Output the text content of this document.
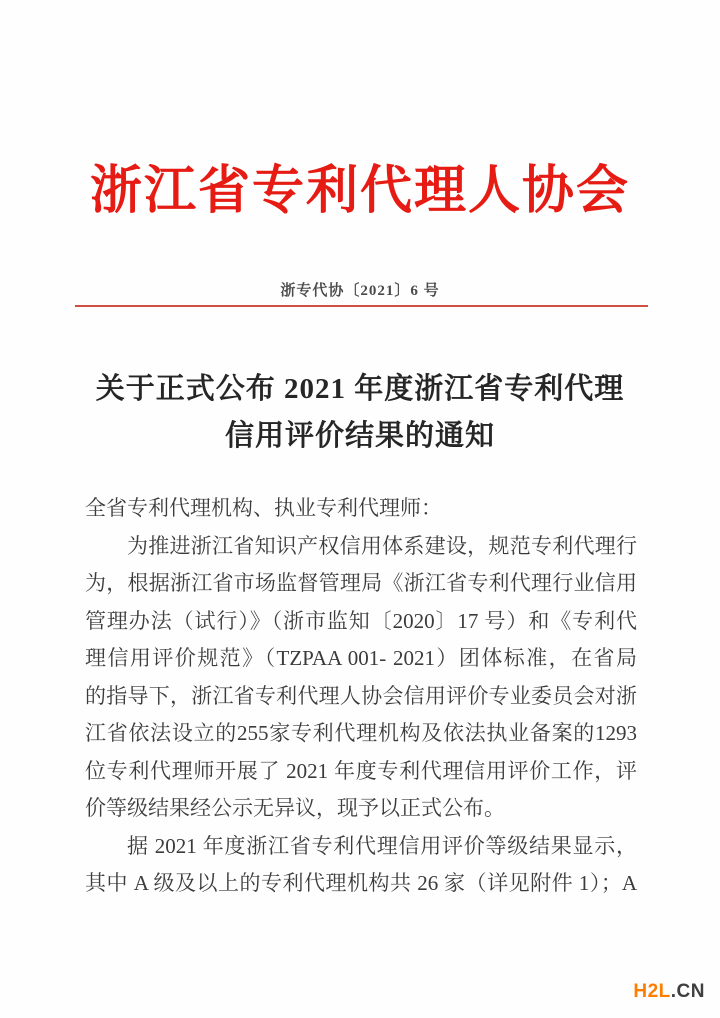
浙江省专利代理人协会
浙专代协〔2021〕6 号
关于正式公布 2021 年度浙江省专利代理
信用评价结果的通知
全省专利代理机构、执业专利代理师：
为推进浙江省知识产权信用体系建设，规范专利代理行
为，根据浙江省市场监督管理局《浙江省专利代理行业信用
管理办法（试行）》（浙市监知〔2020〕17 号）和《专利代
理信用评价规范》（TZPAA 001- 2021）团体标准，在省局
的指导下，浙江省专利代理人协会信用评价专业委员会对浙
江省依法设立的255家专利代理机构及依法执业备案的1293
位专利代理师开展了 2021 年度专利代理信用评价工作，评
价等级结果经公示无异议，现予以正式公布。
据 2021 年度浙江省专利代理信用评价等级结果显示，
其中 A 级及以上的专利代理机构共 26 家（详见附件 1）；A
H2L.CN
